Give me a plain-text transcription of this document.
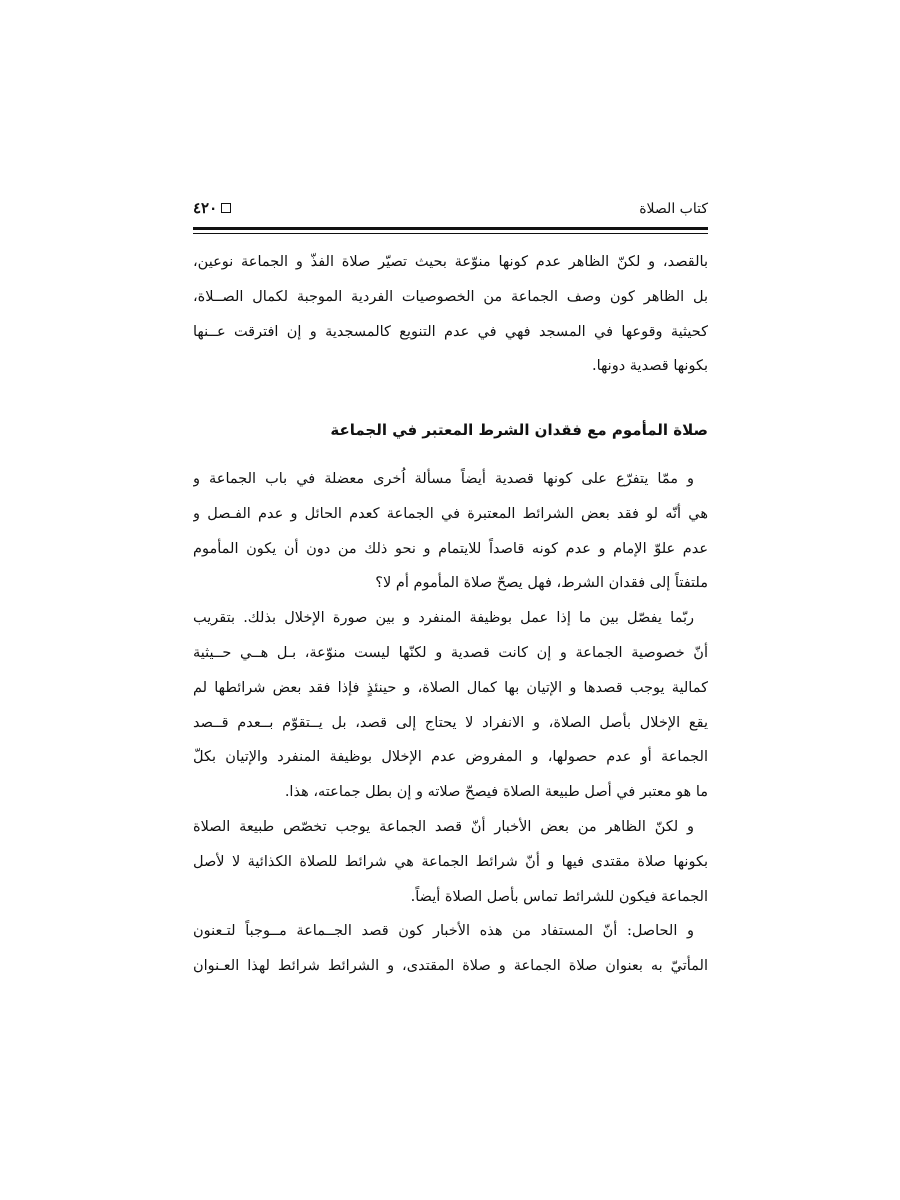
كتاب الصلاة
٤٢٠
بالقصد، و لكنّ الظاهر عدم كونها منوّعة بحيث تصيّر صلاة الفذّ و الجماعة نوعين،
بل الظاهر كون وصف الجماعة من الخصوصيات الفردية الموجبة لكمال الصــلاة،
كحيثية وقوعها في المسجد فهي في عدم التنويع كالمسجدية و إن افترقت عــنها
بكونها قصدية دونها.
صلاة المأموم مع فقدان الشرط المعتبر في الجماعة
و ممّا يتفرّع على كونها قصدية أيضاً مسألة اُخرى معضلة في باب الجماعة و
هي أنّه لو فقد بعض الشرائط المعتبرة في الجماعة كعدم الحائل و عدم الفـصل و
عدم علوّ الإمام و عدم كونه قاصداً للايتمام و نحو ذلك من دون أن يكون المأموم
ملتفتاً إلى فقدان الشرط، فهل يصحّ صلاة المأموم أم لا؟
ربّما يفصّل بين ما إذا عمل بوظيفة المنفرد و بين صورة الإخلال بذلك. بتقريب
أنّ خصوصية الجماعة و إن كانت قصدية و لكنّها ليست منوّعة، بـل هــي حــيثية
كمالية يوجب قصدها و الإتيان بها كمال الصلاة، و حينئذٍ فإذا فقد بعض شرائطها لم
يقع الإخلال بأصل الصلاة، و الانفراد لا يحتاج إلى قصد، بل يــتقوّم بــعدم قــصد
الجماعة أو عدم حصولها، و المفروض عدم الإخلال بوظيفة المنفرد والإتيان بكلّ
ما هو معتبر في أصل طبيعة الصلاة فيصحّ صلاته و إن بطل جماعته، هذا.
و لكنّ الظاهر من بعض الأخبار أنّ قصد الجماعة يوجب تخصّص طبيعة الصلاة
بكونها صلاة مقتدى فيها و أنّ شرائط الجماعة هي شرائط للصلاة الكذائية لا لأصل
الجماعة فيكون للشرائط تماس بأصل الصلاة أيضاً.
و الحاصل: أنّ المستفاد من هذه الأخبار كون قصد الجــماعة مــوجباً لتـعنون
المأتيّ به بعنوان صلاة الجماعة و صلاة المقتدى، و الشرائط شرائط لهذا العـنوان
